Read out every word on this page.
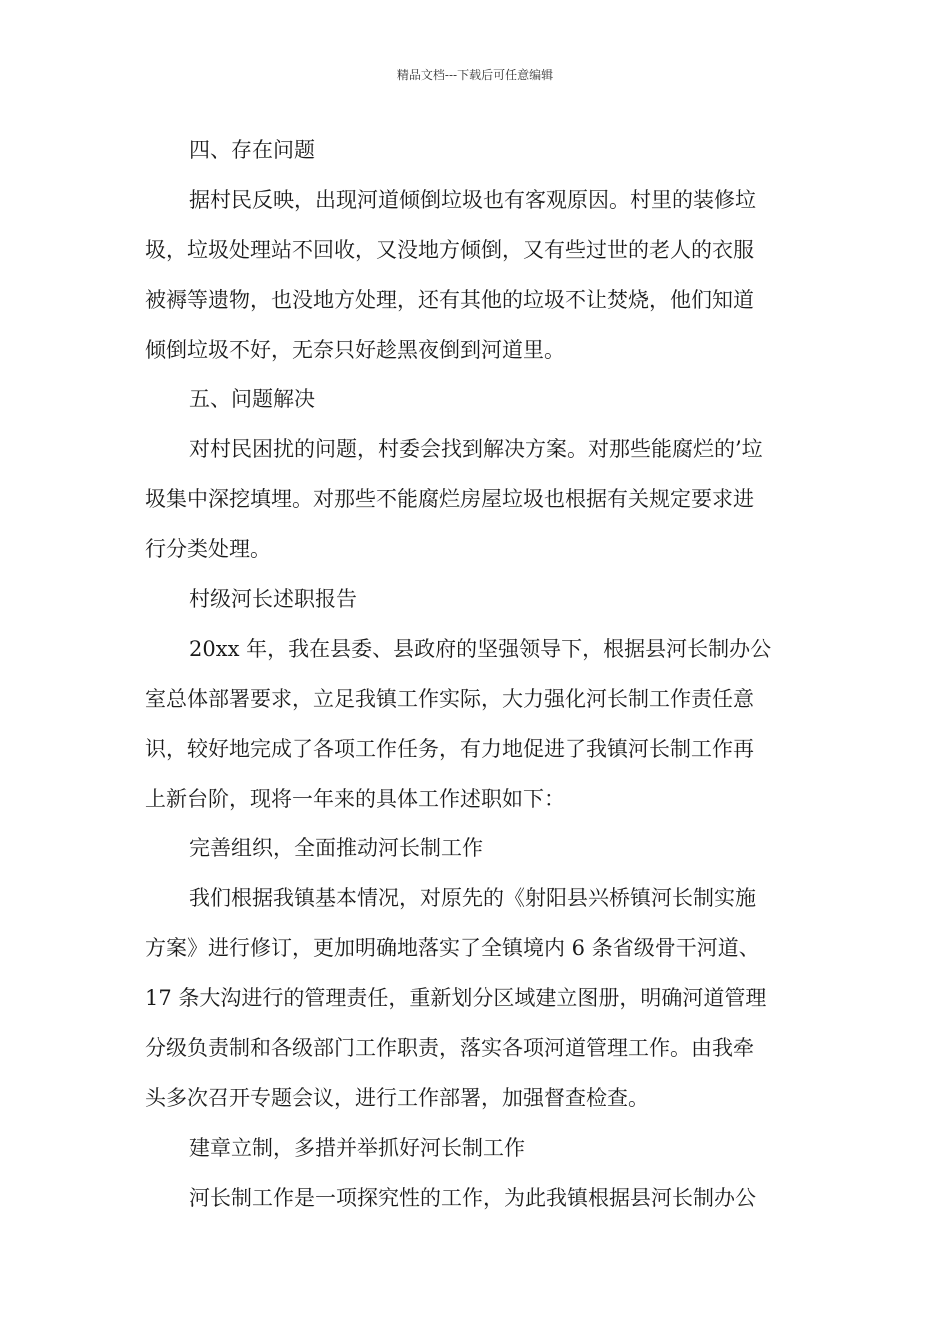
精品文档---下载后可任意编辑
四、存在问题
据村民反映，出现河道倾倒垃圾也有客观原因。村里的装修垃
圾，垃圾处理站不回收，又没地方倾倒，又有些过世的老人的衣服
被褥等遗物，也没地方处理，还有其他的垃圾不让焚烧，他们知道
倾倒垃圾不好，无奈只好趁黑夜倒到河道里。
五、问题解决
对村民困扰的问题，村委会找到解决方案。对那些能腐烂的’垃
圾集中深挖填埋。对那些不能腐烂房屋垃圾也根据有关规定要求进
行分类处理。
村级河长述职报告
20xx 年，我在县委、县政府的坚强领导下，根据县河长制办公
室总体部署要求，立足我镇工作实际，大力强化河长制工作责任意
识，较好地完成了各项工作任务，有力地促进了我镇河长制工作再
上新台阶，现将一年来的具体工作述职如下：
完善组织，全面推动河长制工作
我们根据我镇基本情况，对原先的《射阳县兴桥镇河长制实施
方案》进行修订，更加明确地落实了全镇境内 6 条省级骨干河道、
17 条大沟进行的管理责任，重新划分区域建立图册，明确河道管理
分级负责制和各级部门工作职责，落实各项河道管理工作。由我牵
头多次召开专题会议，进行工作部署，加强督查检查。
建章立制，多措并举抓好河长制工作
河长制工作是一项探究性的工作，为此我镇根据县河长制办公
